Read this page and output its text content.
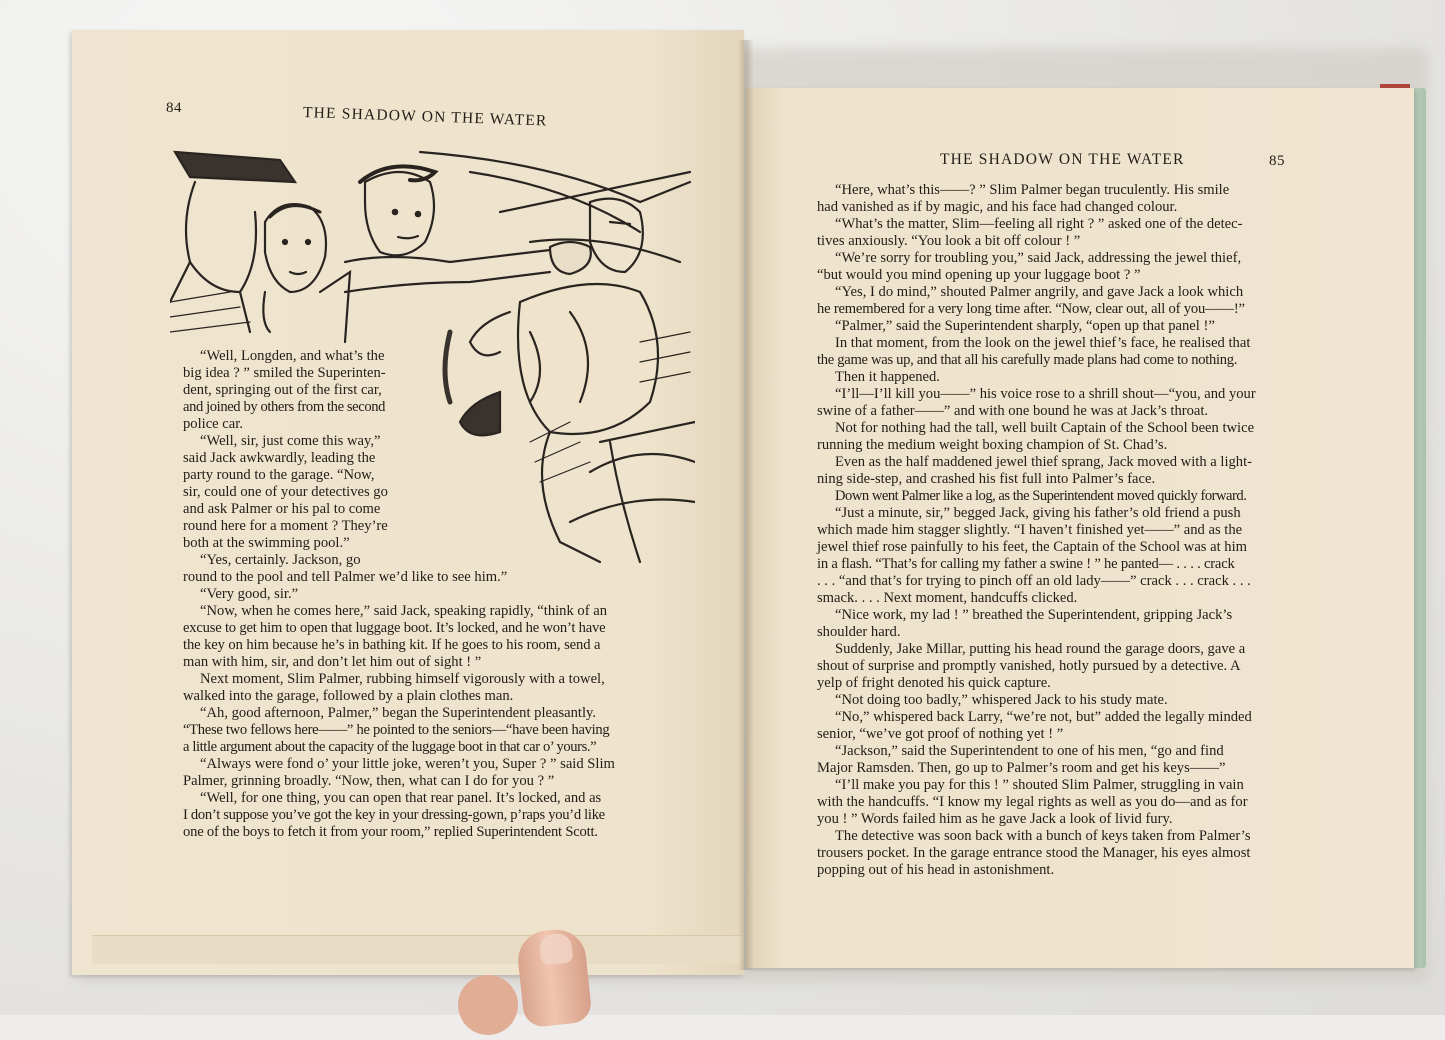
84	THE SHADOW ON THE WATER
“Well, Longden, and what’s the
big idea ? ” smiled the Superinten-
dent, springing out of the first car,
and joined by others from the second
police car.
“Well, sir, just come this way,”
said Jack awkwardly, leading the
party round to the garage. “Now,
sir, could one of your detectives go
and ask Palmer or his pal to come
round here for a moment ? They’re
both at the swimming pool.”
“Yes, certainly. Jackson, go
round to the pool and tell Palmer we’d like to see him.”
“Very good, sir.”
“Now, when he comes here,” said Jack, speaking rapidly, “think of an
excuse to get him to open that luggage boot. It’s locked, and he won’t have
the key on him because he’s in bathing kit. If he goes to his room, send a
man with him, sir, and don’t let him out of sight ! ”
Next moment, Slim Palmer, rubbing himself vigorously with a towel,
walked into the garage, followed by a plain clothes man.
“Ah, good afternoon, Palmer,” began the Superintendent pleasantly.
“These two fellows here——” he pointed to the seniors—“have been having
a little argument about the capacity of the luggage boot in that car o’ yours.”
“Always were fond o’ your little joke, weren’t you, Super ? ” said Slim
Palmer, grinning broadly. “Now, then, what can I do for you ? ”
“Well, for one thing, you can open that rear panel. It’s locked, and as
I don’t suppose you’ve got the key in your dressing-gown, p’raps you’d like
one of the boys to fetch it from your room,” replied Superintendent Scott.
THE SHADOW ON THE WATER	85
“Here, what’s this——? ” Slim Palmer began truculently. His smile
had vanished as if by magic, and his face had changed colour.
“What’s the matter, Slim—feeling all right ? ” asked one of the detec-
tives anxiously. “You look a bit off colour ! ”
“We’re sorry for troubling you,” said Jack, addressing the jewel thief,
“but would you mind opening up your luggage boot ? ”
“Yes, I do mind,” shouted Palmer angrily, and gave Jack a look which
he remembered for a very long time after. “Now, clear out, all of you——!”
“Palmer,” said the Superintendent sharply, “open up that panel !”
In that moment, from the look on the jewel thief’s face, he realised that
the game was up, and that all his carefully made plans had come to nothing.
Then it happened.
“I’ll—I’ll kill you——” his voice rose to a shrill shout—“you, and your
swine of a father——” and with one bound he was at Jack’s throat.
Not for nothing had the tall, well built Captain of the School been twice
running the medium weight boxing champion of St. Chad’s.
Even as the half maddened jewel thief sprang, Jack moved with a light-
ning side-step, and crashed his fist full into Palmer’s face.
Down went Palmer like a log, as the Superintendent moved quickly forward.
“Just a minute, sir,” begged Jack, giving his father’s old friend a push
which made him stagger slightly. “I haven’t finished yet——” and as the
jewel thief rose painfully to his feet, the Captain of the School was at him
in a flash. “That’s for calling my father a swine ! ” he panted— . . . . crack
. . . “and that’s for trying to pinch off an old lady——” crack . . . crack . . .
smack. . . . Next moment, handcuffs clicked.
“Nice work, my lad ! ” breathed the Superintendent, gripping Jack’s
shoulder hard.
Suddenly, Jake Millar, putting his head round the garage doors, gave a
shout of surprise and promptly vanished, hotly pursued by a detective. A
yelp of fright denoted his quick capture.
“Not doing too badly,” whispered Jack to his study mate.
“No,” whispered back Larry, “we’re not, but” added the legally minded
senior, “we’ve got proof of nothing yet ! ”
“Jackson,” said the Superintendent to one of his men, “go and find
Major Ramsden. Then, go up to Palmer’s room and get his keys——”
“I’ll make you pay for this ! ” shouted Slim Palmer, struggling in vain
with the handcuffs. “I know my legal rights as well as you do—and as for
you ! ” Words failed him as he gave Jack a look of livid fury.
The detective was soon back with a bunch of keys taken from Palmer’s
trousers pocket. In the garage entrance stood the Manager, his eyes almost
popping out of his head in astonishment.
